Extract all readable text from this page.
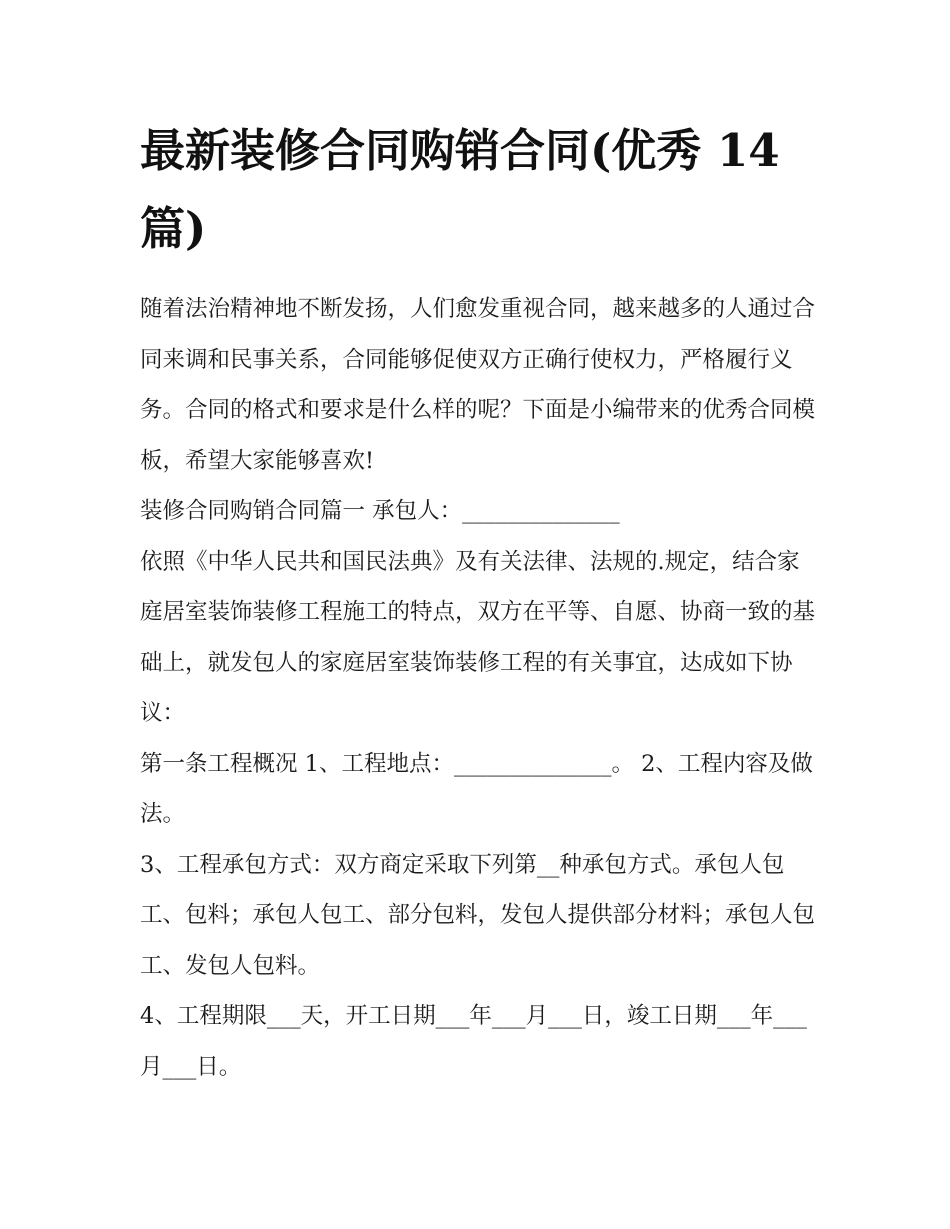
最新装修合同购销合同(优秀 14 篇)

随着法治精神地不断发扬，人们愈发重视合同，越来越多的人通过合同来调和民事关系，合同能够促使双方正确行使权力，严格履行义务。合同的格式和要求是什么样的呢？下面是小编带来的优秀合同模板，希望大家能够喜欢!

装修合同购销合同篇一 承包人：______________

依照《中华人民共和国民法典》及有关法律、法规的.规定，结合家庭居室装饰装修工程施工的特点，双方在平等、自愿、协商一致的基础上，就发包人的家庭居室装饰装修工程的有关事宜，达成如下协议：

第一条工程概况 1、工程地点：______________。 2、工程内容及做法。

3、工程承包方式：双方商定采取下列第__种承包方式。承包人包工、包料；承包人包工、部分包料，发包人提供部分材料；承包人包工、发包人包料。

4、工程期限___天，开工日期___年___月___日，竣工日期___年___月___日。
